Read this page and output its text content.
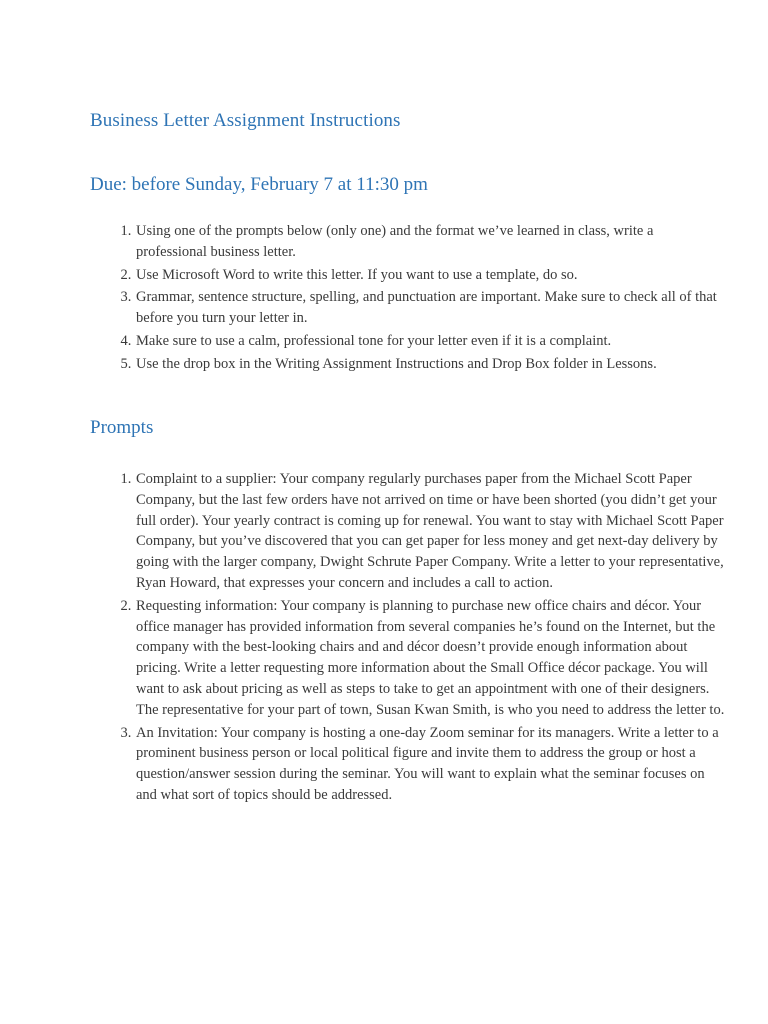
Business Letter Assignment Instructions
Due: before Sunday, February 7 at 11:30 pm
1. Using one of the prompts below (only one) and the format we’ve learned in class, write a professional business letter.
2. Use Microsoft Word to write this letter. If you want to use a template, do so.
3. Grammar, sentence structure, spelling, and punctuation are important. Make sure to check all of that before you turn your letter in.
4. Make sure to use a calm, professional tone for your letter even if it is a complaint.
5. Use the drop box in the Writing Assignment Instructions and Drop Box folder in Lessons.
Prompts
1. Complaint to a supplier: Your company regularly purchases paper from the Michael Scott Paper Company, but the last few orders have not arrived on time or have been shorted (you didn’t get your full order). Your yearly contract is coming up for renewal. You want to stay with Michael Scott Paper Company, but you’ve discovered that you can get paper for less money and get next-day delivery by going with the larger company, Dwight Schrute Paper Company. Write a letter to your representative, Ryan Howard, that expresses your concern and includes a call to action.
2. Requesting information: Your company is planning to purchase new office chairs and décor. Your office manager has provided information from several companies he’s found on the Internet, but the company with the best-looking chairs and and décor doesn’t provide enough information about pricing. Write a letter requesting more information about the Small Office décor package. You will want to ask about pricing as well as steps to take to get an appointment with one of their designers. The representative for your part of town, Susan Kwan Smith, is who you need to address the letter to.
3. An Invitation: Your company is hosting a one-day Zoom seminar for its managers. Write a letter to a prominent business person or local political figure and invite them to address the group or host a question/answer session during the seminar. You will want to explain what the seminar focuses on and what sort of topics should be addressed.
